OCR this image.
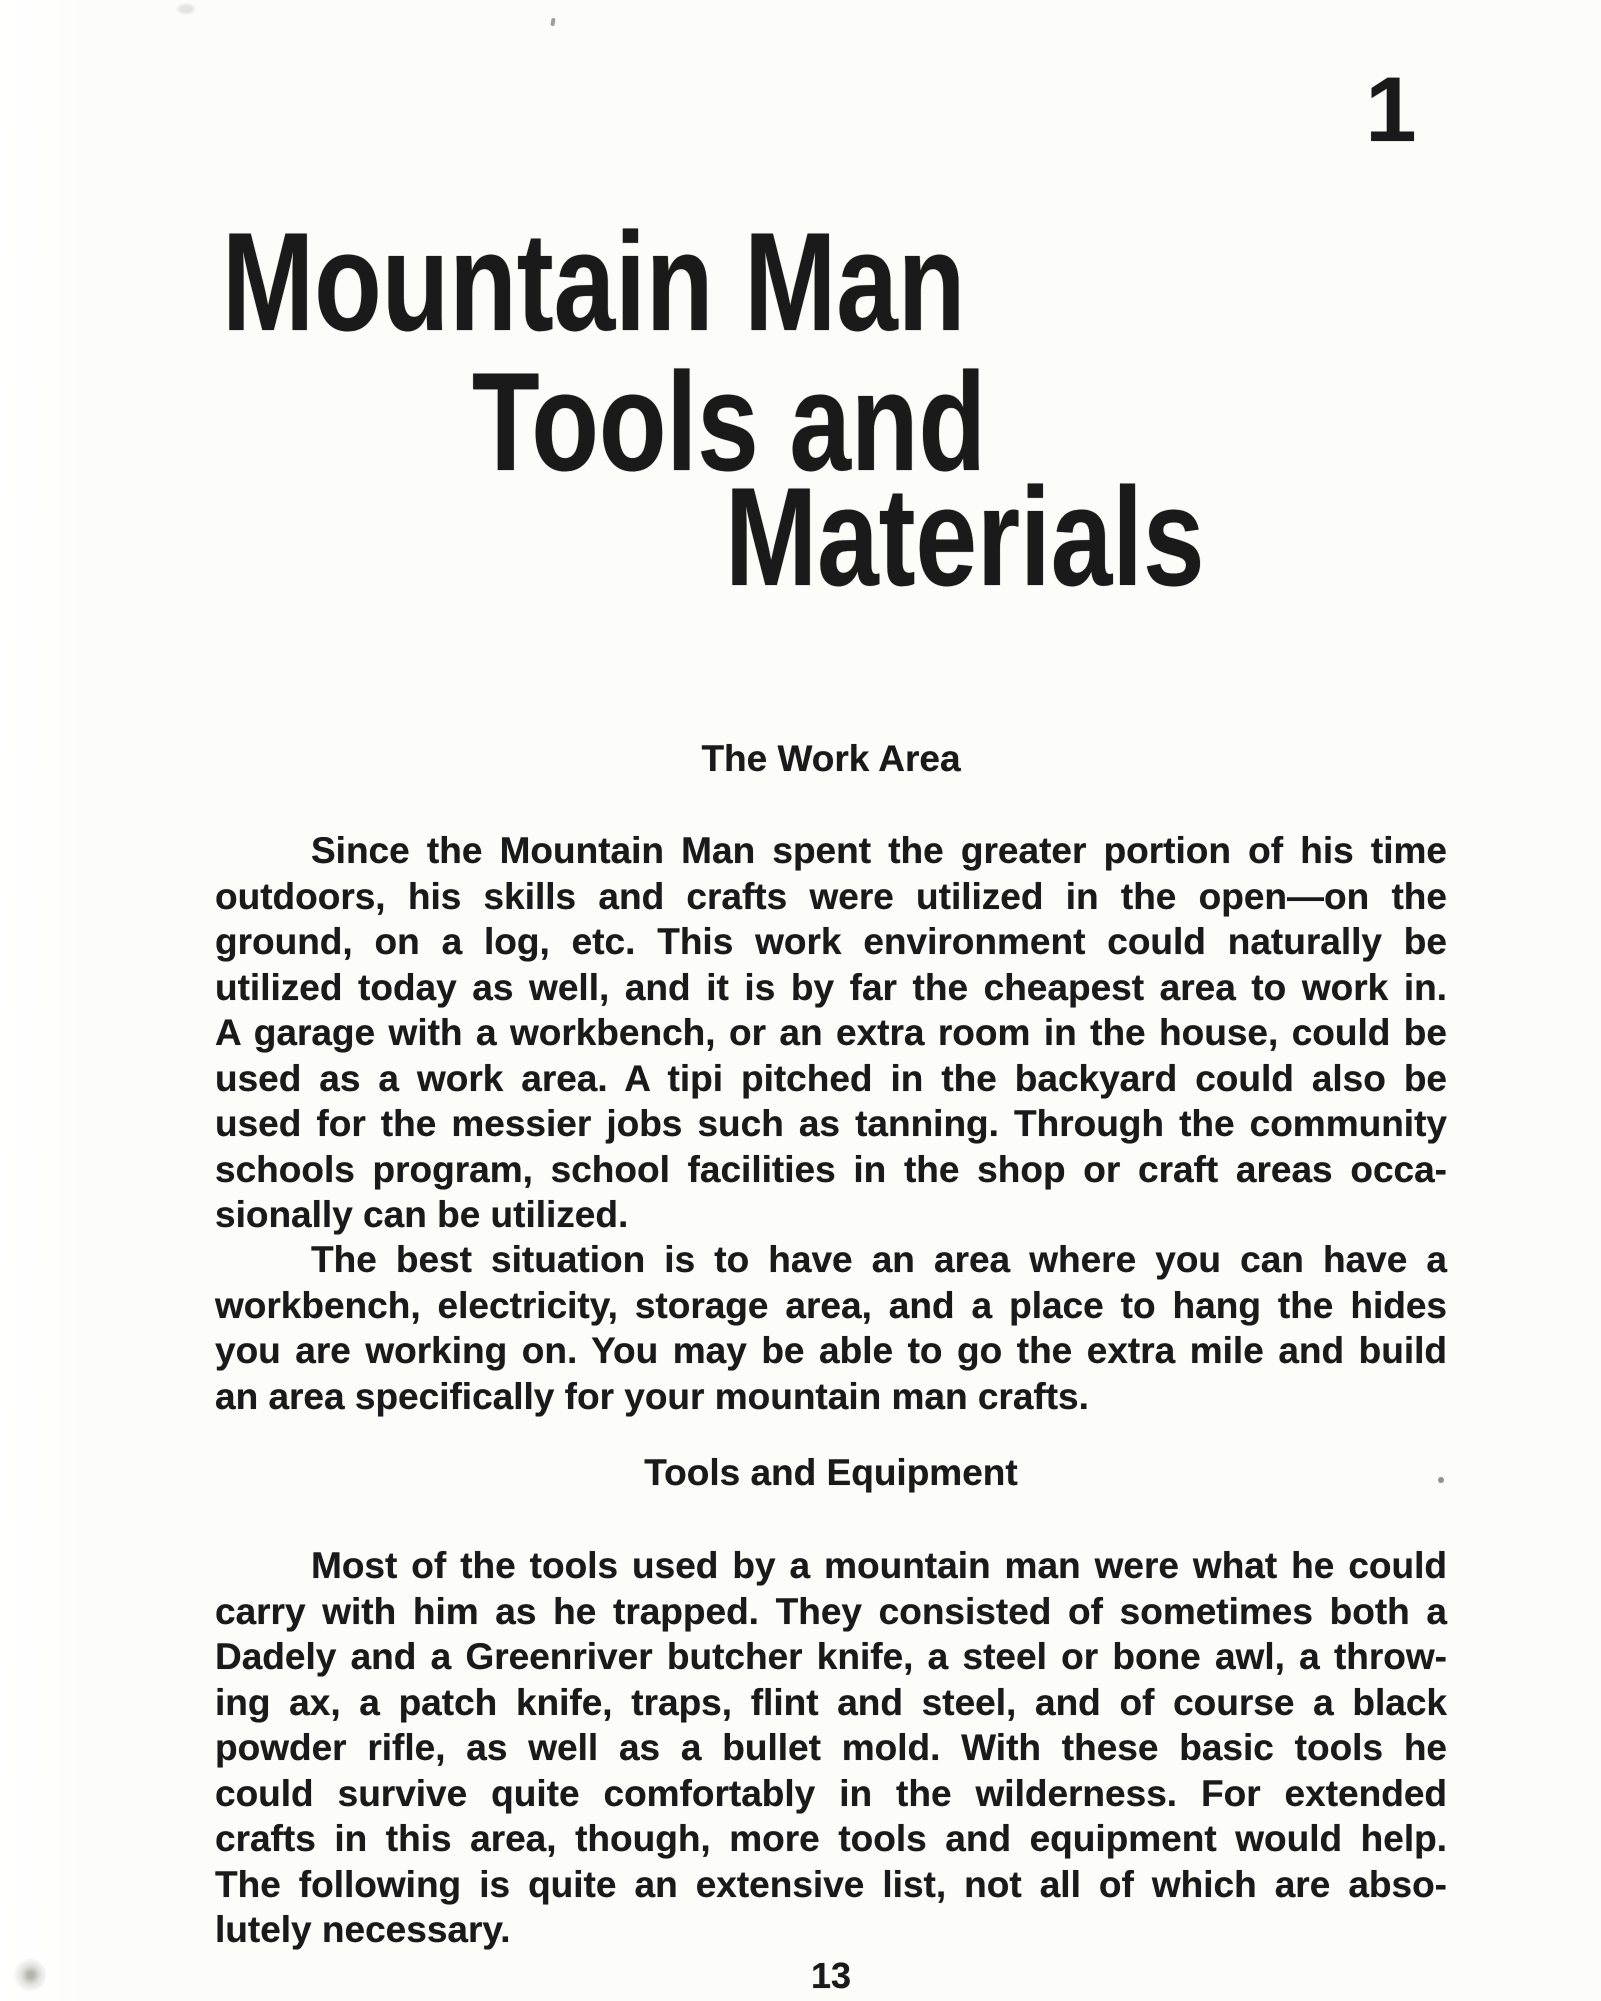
1
Mountain Man
Tools and
Materials
The Work Area
Since the Mountain Man spent the greater portion of his time
outdoors, his skills and crafts were utilized in the open—on the
ground, on a log, etc. This work environment could naturally be
utilized today as well, and it is by far the cheapest area to work in.
A garage with a workbench, or an extra room in the house, could be
used as a work area. A tipi pitched in the backyard could also be
used for the messier jobs such as tanning. Through the community
schools program, school facilities in the shop or craft areas occa-
sionally can be utilized.
The best situation is to have an area where you can have a
workbench, electricity, storage area, and a place to hang the hides
you are working on. You may be able to go the extra mile and build
an area specifically for your mountain man crafts.
Tools and Equipment
Most of the tools used by a mountain man were what he could
carry with him as he trapped. They consisted of sometimes both a
Dadely and a Greenriver butcher knife, a steel or bone awl, a throw-
ing ax, a patch knife, traps, flint and steel, and of course a black
powder rifle, as well as a bullet mold. With these basic tools he
could survive quite comfortably in the wilderness. For extended
crafts in this area, though, more tools and equipment would help.
The following is quite an extensive list, not all of which are abso-
lutely necessary.
13
